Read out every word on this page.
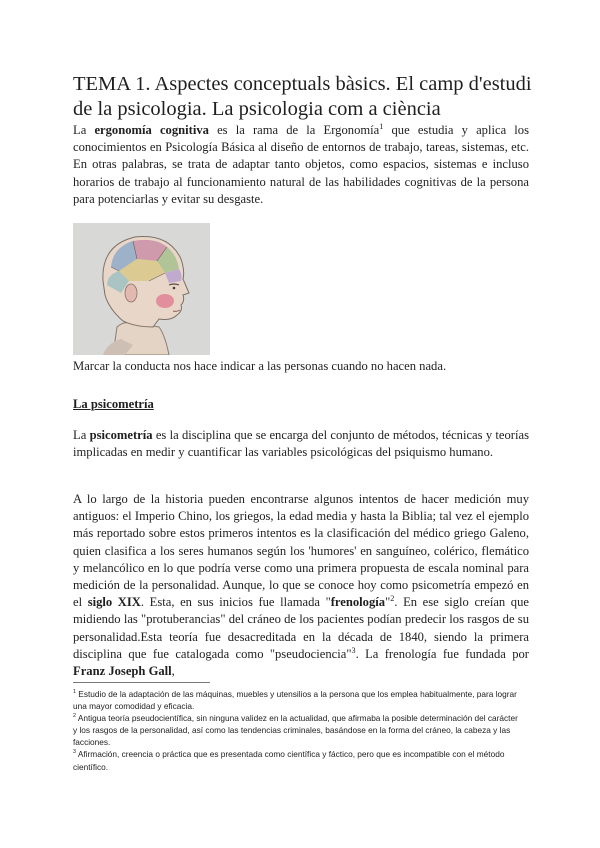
TEMA 1. Aspectes conceptuals bàsics. El camp d'estudi de la psicologia. La psicologia com a ciència

La ergonomía cognitiva es la rama de la Ergonomía$^1$ que estudia y aplica los conocimientos en Psicología Básica al diseño de entornos de trabajo, tareas, sistemas, etc. En otras palabras, se trata de adaptar tanto objetos, como espacios, sistemas e incluso horarios de trabajo al funcionamiento natural de las habilidades cognitivas de la persona para potenciarlas y evitar su desgaste.

Marcar la conducta nos hace indicar a las personas cuando no hacen nada.

La psicometría

La psicometría es la disciplina que se encarga del conjunto de métodos, técnicas y teorías implicadas en medir y cuantificar las variables psicológicas del psiquismo humano.

A lo largo de la historia pueden encontrarse algunos intentos de hacer medición muy antiguos: el Imperio Chino, los griegos, la edad media y hasta la Biblia; tal vez el ejemplo más reportado sobre estos primeros intentos es la clasificación del médico griego Galeno, quien clasifica a los seres humanos según los 'humores' en sanguíneo, colérico, flemático y melancólico en lo que podría verse como una primera propuesta de escala nominal para medición de la personalidad. Aunque, lo que se conoce hoy como psicometría empezó en el siglo XIX. Esta, en sus inicios fue llamada "frenología"$^2$. En ese siglo creían que midiendo las "protuberancias" del cráneo de los pacientes podían predecir los rasgos de su personalidad.Esta teoría fue desacreditada en la década de 1840, siendo la primera disciplina que fue catalogada como "pseudociencia"$^3$. La frenología fue fundada por Franz Joseph Gall,

$^1$ Estudio de la adaptación de las máquinas, muebles y utensilios a la persona que los emplea habitualmente, para lograr una mayor comodidad y eficacia.

$^2$ Antigua teoría pseudocientífica, sin ninguna validez en la actualidad, que afirmaba la posible determinación del carácter y los rasgos de la personalidad, así como las tendencias criminales, basándose en la forma del cráneo, la cabeza y las facciones.

$^3$ Afirmación, creencia o práctica que es presentada como científica y fáctico, pero que es incompatible con el método científico.
